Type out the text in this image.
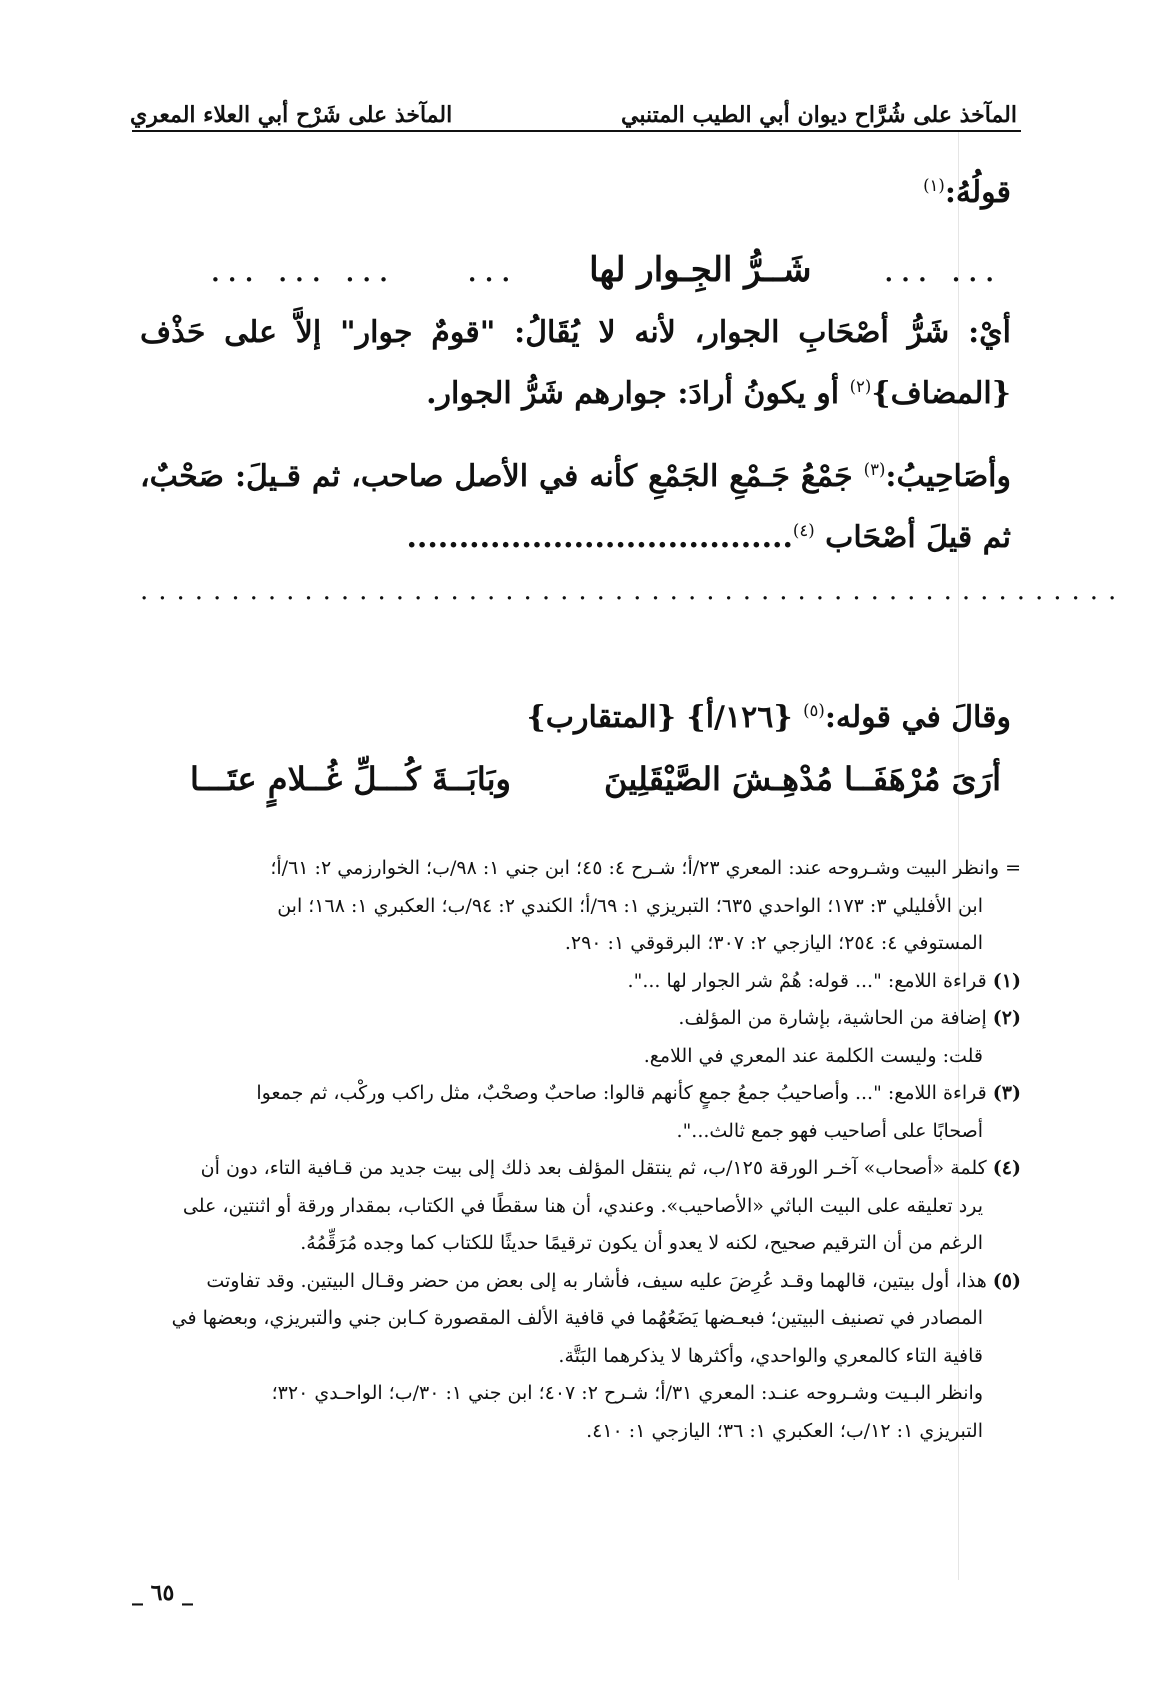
المآخذ على شُرَّاح ديوان أبي الطيب المتنبي
المآخذ على شَرْح أبي العلاء المعري
قولُهُ:$^{(١)}$
... ...
شَــرُّ الجِـوار لها
...
... ... ...
أيْ: شَرُّ أصْحَابِ الجوار، لأنه لا يُقَالُ: "قومٌ جوار" إلاَّ على حَذْف {المضاف}$^{(٢)}$ أو يكونُ أرادَ: جوارهم شَرُّ الجوار.
وأصَاحِيبُ:$^{(٣)}$ جَمْعُ جَـمْعِ الجَمْعِ كأنه في الأصل صاحب، ثم قـيلَ: صَحْبٌ، ثم قيلَ أصْحَاب $^{(٤)}$.....................................
......................................................
وقالَ في قوله:$^{(٥)}$ {١٢٦/أ} {المتقارب}
أرَىَ مُرْهَفَــا مُدْهِـشَ الصَّيْقَلِينَ
وبَابَــةَ كُـــلِّ غُــلامٍ عتَـــا

= وانظر البيت وشـروحه عند: المعري ٢٣/أ؛ شـرح ٤: ٤٥؛ ابن جني ١: ٩٨/ب؛ الخوارزمي ٢: ٦١/أ؛

ابن الأفليلي ٣: ١٧٣؛ الواحدي ٦٣٥؛ التبريزي ١: ٦٩/أ؛ الكندي ٢: ٩٤/ب؛ العكبري ١: ١٦٨؛ ابن

المستوفي ٤: ٢٥٤؛ اليازجي ٢: ٣٠٧؛ البرقوقي ١: ٢٩٠.

(١) قراءة اللامع: "... قوله: هُمْ شر الجوار لها ...".

(٢) إضافة من الحاشية، بإشارة من المؤلف.

قلت: وليست الكلمة عند المعري في اللامع.

(٣) قراءة اللامع: "... وأصاحيبُ جمعُ جمعٍ كأنهم قالوا: صاحبٌ وصحْبٌ، مثل راكب وركْب، ثم جمعوا

أصحابًا على أصاحيب فهو جمع ثالث...".

(٤) كلمة «أصحاب» آخـر الورقة ١٢٥/ب، ثم ينتقل المؤلف بعد ذلك إلى بيت جديد من قـافية التاء، دون أن

يرد تعليقه على البيت الباثي «الأصاحيب». وعندي، أن هنا سقطًا في الكتاب، بمقدار ورقة أو اثنتين، على

الرغم من أن الترقيم صحيح، لكنه لا يعدو أن يكون ترقيمًا حديثًا للكتاب كما وجده مُرَقِّمُهُ.

(٥) هذا، أول بيتين، قالهما وقـد عُرِضَ عليه سيف، فأشار به إلى بعض من حضر وقـال البيتين. وقد تفاوتت

المصادر في تصنيف البيتين؛ فبعـضها يَضَعُهُما في قافية الألف المقصورة كـابن جني والتبريزي، وبعضها في

قافية التاء كالمعري والواحدي، وأكثرها لا يذكرهما البَتَّة.

وانظر البـيت وشـروحه عنـد: المعري ٣١/أ؛ شـرح ٢: ٤٠٧؛ ابن جني ١: ٣٠/ب؛ الواحـدي ٣٢٠؛

التبريزي ١: ١٢/ب؛ العكبري ١: ٣٦؛ اليازجي ١: ٤١٠.

_ ٦٥ _
